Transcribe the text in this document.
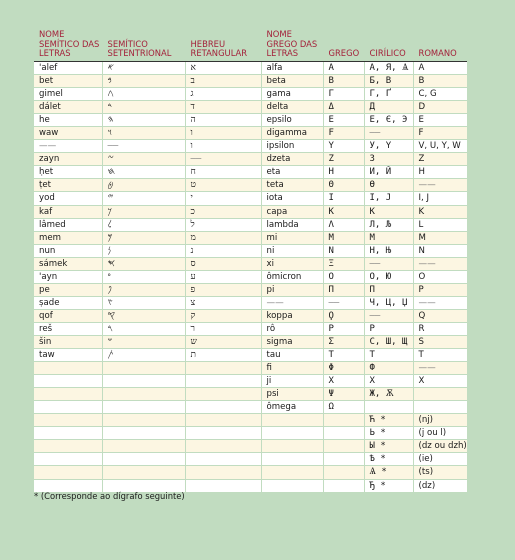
NOME SEMÍTICO DAS LETRAS	SEMÍTICO SETENTRIONAL	HEBREU RETANGULAR	NOME GREGO DAS LETRAS	GREGO	CIRÍLICO	ROMANO
'alef	𐤀	א	alfa	A	А, Я, Ѧ	A
bet	𐤁	ב	beta	B	Б, В	B
gimel	𐤂	ג	gama	Γ	Г, Ґ	C, G
dálet	𐤃	ד	delta	Δ	Д	D
he	𐤄	ה	epsilo	E	Е, Є, Э	E
waw	𐤅	ו	digamma	Ϝ	——	F
——	——	ו	ipsilon	Y	У, Ү	V, U, Y, W
zayn	𐤆	——	dzeta	Z	З	Z
ḥet	𐤇	ח	eta	H	И, Й	H
ṭet	𐤈	ט	teta	Θ	Ѳ	——
yod	𐤉	י	iota	I	І, Ј	I, J
kaf	𐤊	כ	capa	K	К	K
lâmed	𐤋	ל	lambda	Λ	Л, Љ	L
mem	𐤌	מ	mi	M	М	M
nun	𐤍	נ	ni	N	Н, Њ	N
sámek	𐤎	ס	xi	Ξ	——	——
'ayn	𐤏	ע	ômicron	O	О, Ю	O
pe	𐤐	פ	pi	Π	П	P
ṣade	𐤑	צ	——	——	Ч, Ц, Џ	——
qof	𐤒	ק	koppa	Ϙ	——	Q
reš	𐤓	ר	rô	P	Р	R
šin	𐤔	ש	sigma	Σ	С, Ш, Щ	S
taw	𐤕	ת	tau	T	Т	T
			fi	Φ	Ф	——
			ji	X	Х	X
			psi	Ψ	Ж, Ѫ	
			ômega	Ω		
					Ћ *	(nj)
					Ь *	(j ou l)
					Ы *	(dz ou dzh)
					Ѣ *	(ie)
					Ѧ *	(ts)
					Ђ *	(dz)
* (Corresponde ao dígrafo seguinte)
